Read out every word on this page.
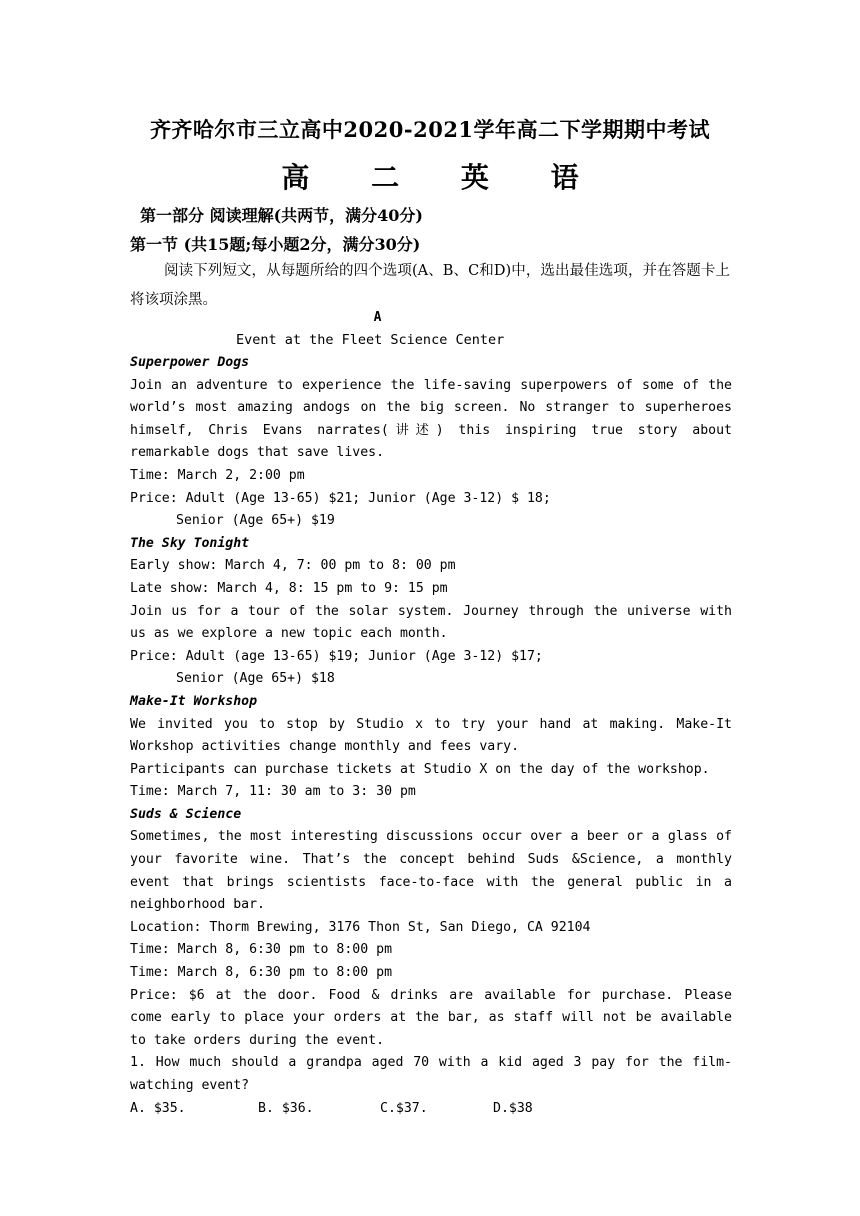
齐齐哈尔市三立高中2020-2021学年高二下学期期中考试
高 二 英 语
第一部分 阅读理解(共两节，满分40分)
第一节 (共15题;每小题2分，满分30分)
阅读下列短文，从每题所给的四个选项(A、B、C和D)中，选出最佳选项，并在答题卡上将该项涂黑。
A
Event at the Fleet Science Center

Superpower Dogs

Join an adventure to experience the life-saving superpowers of some of the world’s most amazing andogs on the big screen. No stranger to superheroes himself, Chris Evans narrates(讲述) this inspiring true story about remarkable dogs that save lives.

Time: March 2, 2:00 pm

Price: Adult (Age 13-65) $21; Junior (Age 3-12) $ 18;

Senior (Age 65+) $19

The Sky Tonight

Early show: March 4, 7: 00 pm to 8: 00 pm

Late show: March 4, 8: 15 pm to 9: 15 pm

Join us for a tour of the solar system. Journey through the universe with us as we explore a new topic each month.

Price: Adult (age 13-65) $19; Junior (Age 3-12) $17;

Senior (Age 65+) $18

Make-It Workshop

We invited you to stop by Studio x to try your hand at making. Make-It Workshop activities change monthly and fees vary.

Participants can purchase tickets at Studio X on the day of the workshop.

Time: March 7, 11: 30 am to 3: 30 pm

Suds & Science

Sometimes, the most interesting discussions occur over a beer or a glass of your favorite wine. That’s the concept behind Suds &Science, a monthly event that brings scientists face-to-face with the general public in a neighborhood bar.

Location: Thorm Brewing, 3176 Thon St, San Diego, CA 92104

Time: March 8, 6:30 pm to 8:00 pm

Time: March 8, 6:30 pm to 8:00 pm

Price: $6 at the door. Food & drinks are available for purchase. Please come early to place your orders at the bar, as staff will not be available to take orders during the event.

1. How much should a grandpa aged 70 with a kid aged 3 pay for the film-watching event?

A. $35.	B. $36.	C.$37.	D.$38
